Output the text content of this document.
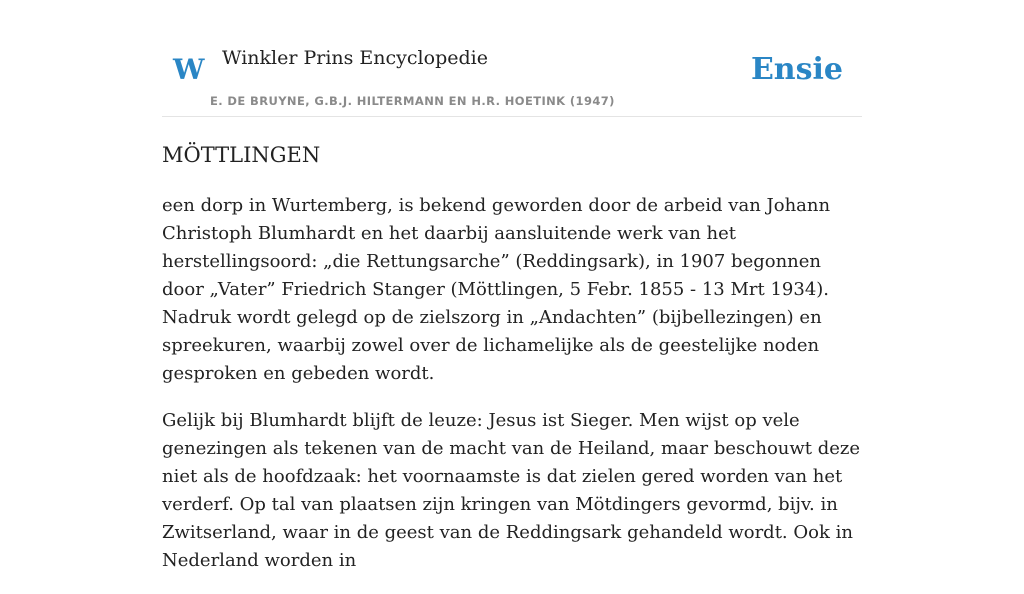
W Winkler Prins Encyclopedie
E. DE BRUYNE, G.B.J. HILTERMANN EN H.R. HOETINK (1947)
Ensie
MÖTTLINGEN

een dorp in Wurtemberg, is bekend geworden door de arbeid van Johann Christoph Blumhardt en het daarbij aansluitende werk van het herstellingsoord: „die Rettungsarche” (Reddingsark), in 1907 begonnen door „Vater” Friedrich Stanger (Möttlingen, 5 Febr. 1855 - 13 Mrt 1934). Nadruk wordt gelegd op de zielszorg in „Andachten” (bijbellezingen) en spreekuren, waarbij zowel over de lichamelijke als de geestelijke noden gesproken en gebeden wordt.

Gelijk bij Blumhardt blijft de leuze: Jesus ist Sieger. Men wijst op vele genezingen als tekenen van de macht van de Heiland, maar beschouwt deze niet als de hoofdzaak: het voornaamste is dat zielen gered worden van het verderf. Op tal van plaatsen zijn kringen van Mötdingers gevormd, bijv. in Zwitserland, waar in de geest van de Reddingsark gehandeld wordt. Ook in Nederland worden in
